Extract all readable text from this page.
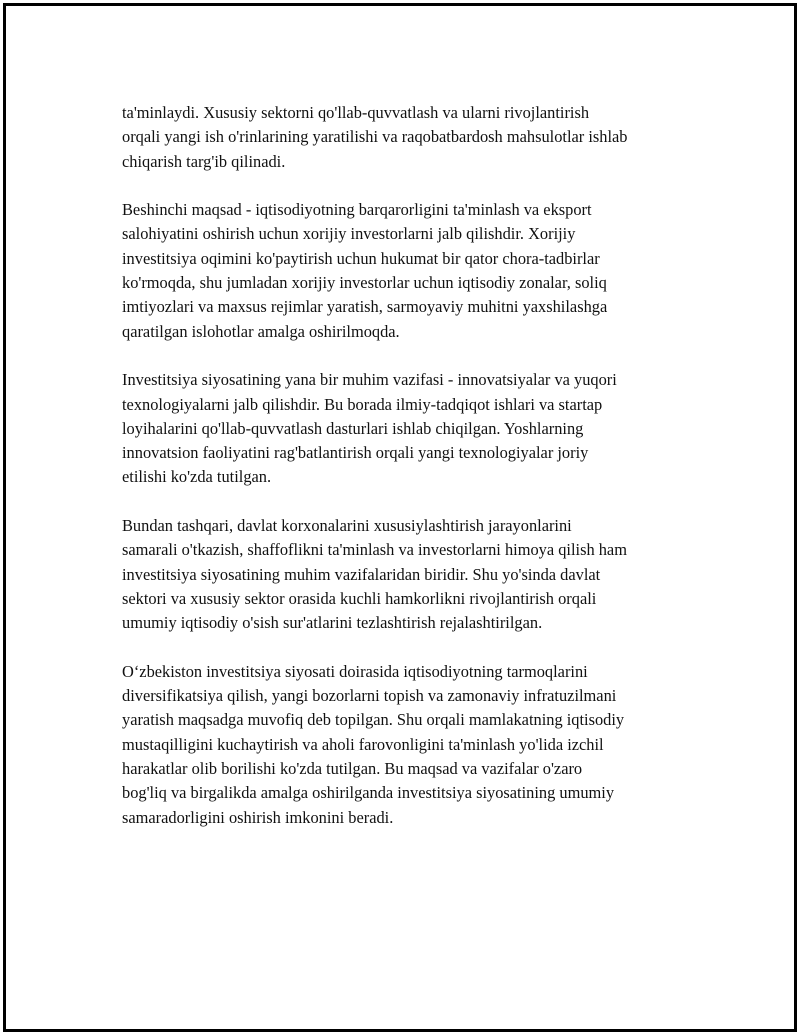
ta'minlaydi. Xususiy sektorni qo'llab-quvvatlash va ularni rivojlantirish
orqali yangi ish o'rinlarining yaratilishi va raqobatbardosh mahsulotlar ishlab
chiqarish targ'ib qilinadi.

Beshinchi maqsad - iqtisodiyotning barqarorligini ta'minlash va eksport
salohiyatini oshirish uchun xorijiy investorlarni jalb qilishdir. Xorijiy
investitsiya oqimini ko'paytirish uchun hukumat bir qator chora-tadbirlar
ko'rmoqda, shu jumladan xorijiy investorlar uchun iqtisodiy zonalar, soliq
imtiyozlari va maxsus rejimlar yaratish, sarmoyaviy muhitni yaxshilashga
qaratilgan islohotlar amalga oshirilmoqda.

Investitsiya siyosatining yana bir muhim vazifasi - innovatsiyalar va yuqori
texnologiyalarni jalb qilishdir. Bu borada ilmiy-tadqiqot ishlari va startap
loyihalarini qo'llab-quvvatlash dasturlari ishlab chiqilgan. Yoshlarning
innovatsion faoliyatini rag'batlantirish orqali yangi texnologiyalar joriy
etilishi ko'zda tutilgan.

Bundan tashqari, davlat korxonalarini xususiylashtirish jarayonlarini
samarali o'tkazish, shaffoflikni ta'minlash va investorlarni himoya qilish ham
investitsiya siyosatining muhim vazifalaridan biridir. Shu yo'sinda davlat
sektori va xususiy sektor orasida kuchli hamkorlikni rivojlantirish orqali
umumiy iqtisodiy o'sish sur'atlarini tezlashtirish rejalashtirilgan.

O‘zbekiston investitsiya siyosati doirasida iqtisodiyotning tarmoqlarini
diversifikatsiya qilish, yangi bozorlarni topish va zamonaviy infratuzilmani
yaratish maqsadga muvofiq deb topilgan. Shu orqali mamlakatning iqtisodiy
mustaqilligini kuchaytirish va aholi farovonligini ta'minlash yo'lida izchil
harakatlar olib borilishi ko'zda tutilgan. Bu maqsad va vazifalar o'zaro
bog'liq va birgalikda amalga oshirilganda investitsiya siyosatining umumiy
samaradorligini oshirish imkonini beradi.
